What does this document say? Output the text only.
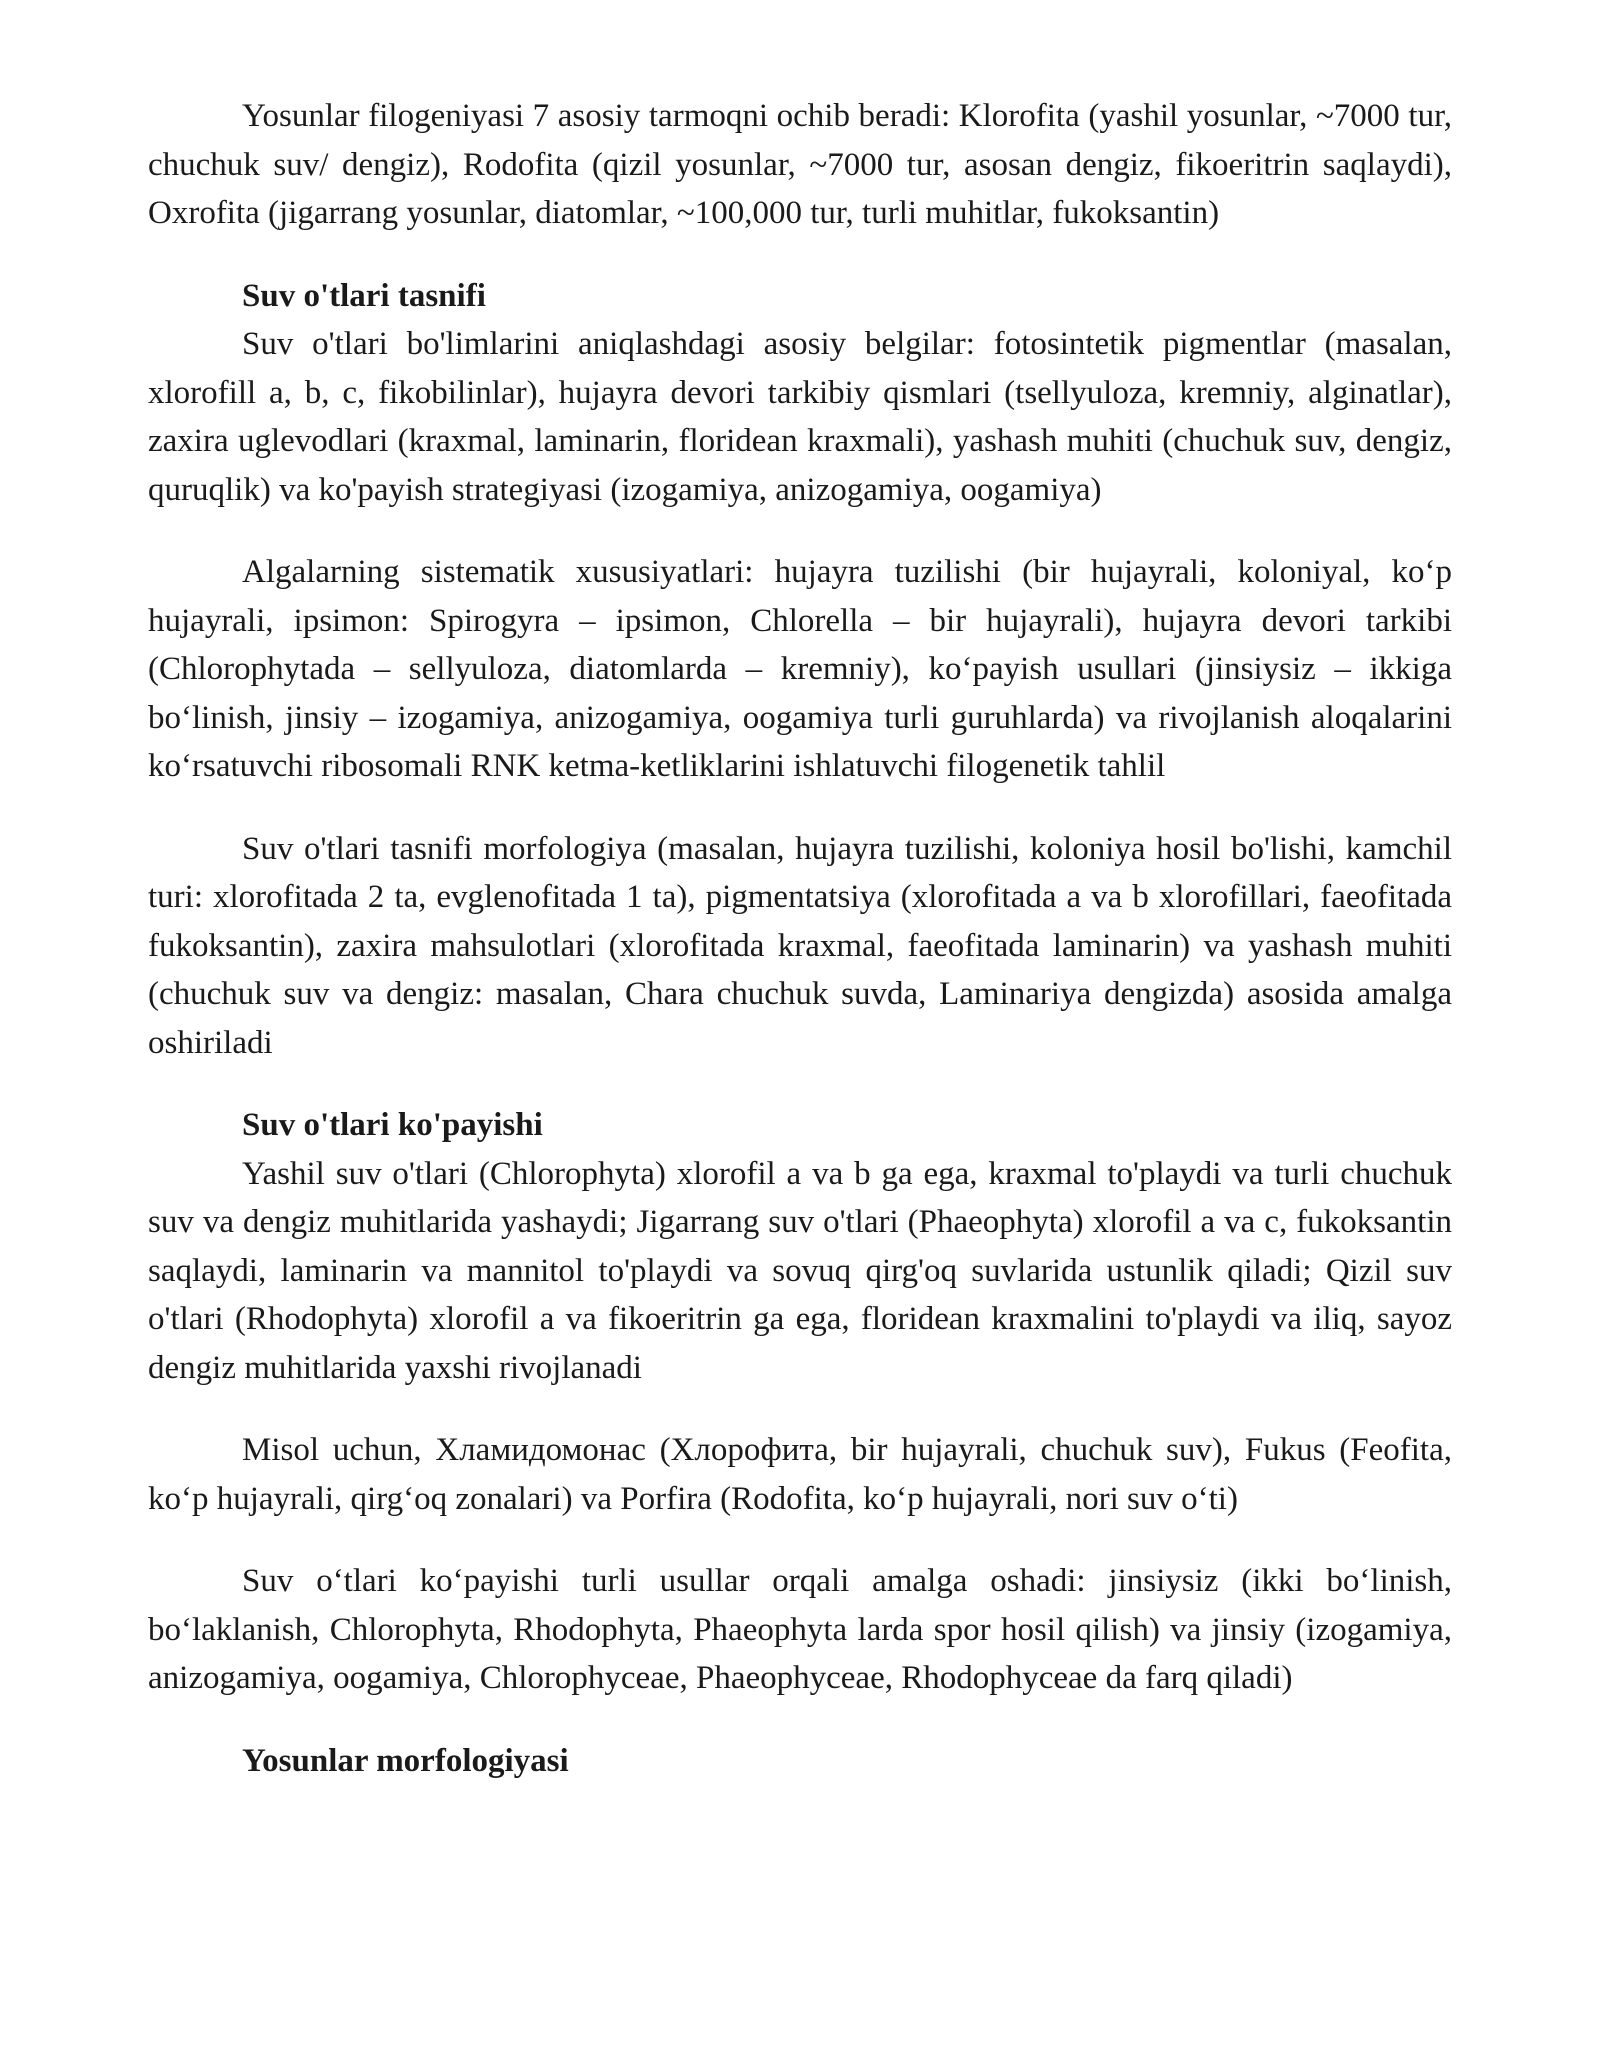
Yosunlar filogeniyasi 7 asosiy tarmoqni ochib beradi: Klorofita (yashil yosunlar, ~7000 tur, chuchuk suv/ dengiz), Rodofita (qizil yosunlar, ~7000 tur, asosan dengiz, fikoeritrin saqlaydi), Oxrofita (jigarrang yosunlar, diatomlar, ~100,000 tur, turli muhitlar, fukoksantin)

Suv o'tlari tasnifi

Suv o'tlari bo'limlarini aniqlashdagi asosiy belgilar: fotosintetik pigmentlar (masalan, xlorofill a, b, c, fikobilinlar), hujayra devori tarkibiy qismlari (tsellyuloza, kremniy, alginatlar), zaxira uglevodlari (kraxmal, laminarin, floridean kraxmali), yashash muhiti (chuchuk suv, dengiz, quruqlik) va ko'payish strategiyasi (izogamiya, anizogamiya, oogamiya)

Algalarning sistematik xususiyatlari: hujayra tuzilishi (bir hujayrali, koloniyal, koʻp hujayrali, ipsimon: Spirogyra – ipsimon, Chlorella – bir hujayrali), hujayra devori tarkibi (Chlorophytada – sellyuloza, diatomlarda – kremniy), koʻpayish usullari (jinsiysiz – ikkiga boʻlinish, jinsiy – izogamiya, anizogamiya, oogamiya turli guruhlarda) va rivojlanish aloqalarini koʻrsatuvchi ribosomali RNK ketma-ketliklarini ishlatuvchi filogenetik tahlil

Suv o'tlari tasnifi morfologiya (masalan, hujayra tuzilishi, koloniya hosil bo'lishi, kamchil turi: xlorofitada 2 ta, evglenofitada 1 ta), pigmentatsiya (xlorofitada a va b xlorofillari, faeofitada fukoksantin), zaxira mahsulotlari (xlorofitada kraxmal, faeofitada laminarin) va yashash muhiti (chuchuk suv va dengiz: masalan, Chara chuchuk suvda, Laminariya dengizda) asosida amalga oshiriladi

Suv o'tlari ko'payishi

Yashil suv o'tlari (Chlorophyta) xlorofil a va b ga ega, kraxmal to'playdi va turli chuchuk suv va dengiz muhitlarida yashaydi; Jigarrang suv o'tlari (Phaeophyta) xlorofil a va c, fukoksantin saqlaydi, laminarin va mannitol to'playdi va sovuq qirg'oq suvlarida ustunlik qiladi; Qizil suv o'tlari (Rhodophyta) xlorofil a va fikoeritrin ga ega, floridean kraxmalini to'playdi va iliq, sayoz dengiz muhitlarida yaxshi rivojlanadi

Misol uchun, Хламидомонас (Хлорофита, bir hujayrali, chuchuk suv), Fukus (Feofita, koʻp hujayrali, qirgʻoq zonalari) va Porfira (Rodofita, koʻp hujayrali, nori suv oʻti)

Suv oʻtlari koʻpayishi turli usullar orqali amalga oshadi: jinsiysiz (ikki boʻlinish, boʻlaklanish, Chlorophyta, Rhodophyta, Phaeophyta larda spor hosil qilish) va jinsiy (izogamiya, anizogamiya, oogamiya, Chlorophyceae, Phaeophyceae, Rhodophyceae da farq qiladi)

Yosunlar morfologiyasi
